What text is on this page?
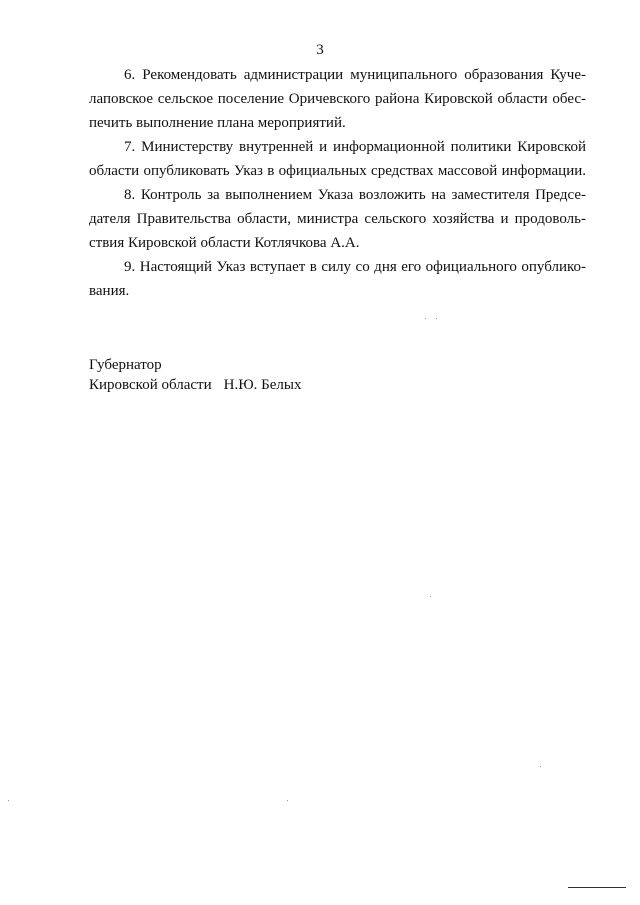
3
6. Рекомендовать администрации муниципального образования Куче-
лаповское сельское поселение Оричевского района Кировской области обес-
печить выполнение плана мероприятий.
7. Министерству внутренней и информационной политики Кировской
области опубликовать Указ в официальных средствах массовой информации.
8. Контроль за выполнением Указа возложить на заместителя Предсе-
дателя Правительства области, министра сельского хозяйства и продоволь-
ствия Кировской области Котлячкова А.А.
9. Настоящий Указ вступает в силу со дня его официального опублико-
вания.
Губернатор
Кировской области Н.Ю. Белых
